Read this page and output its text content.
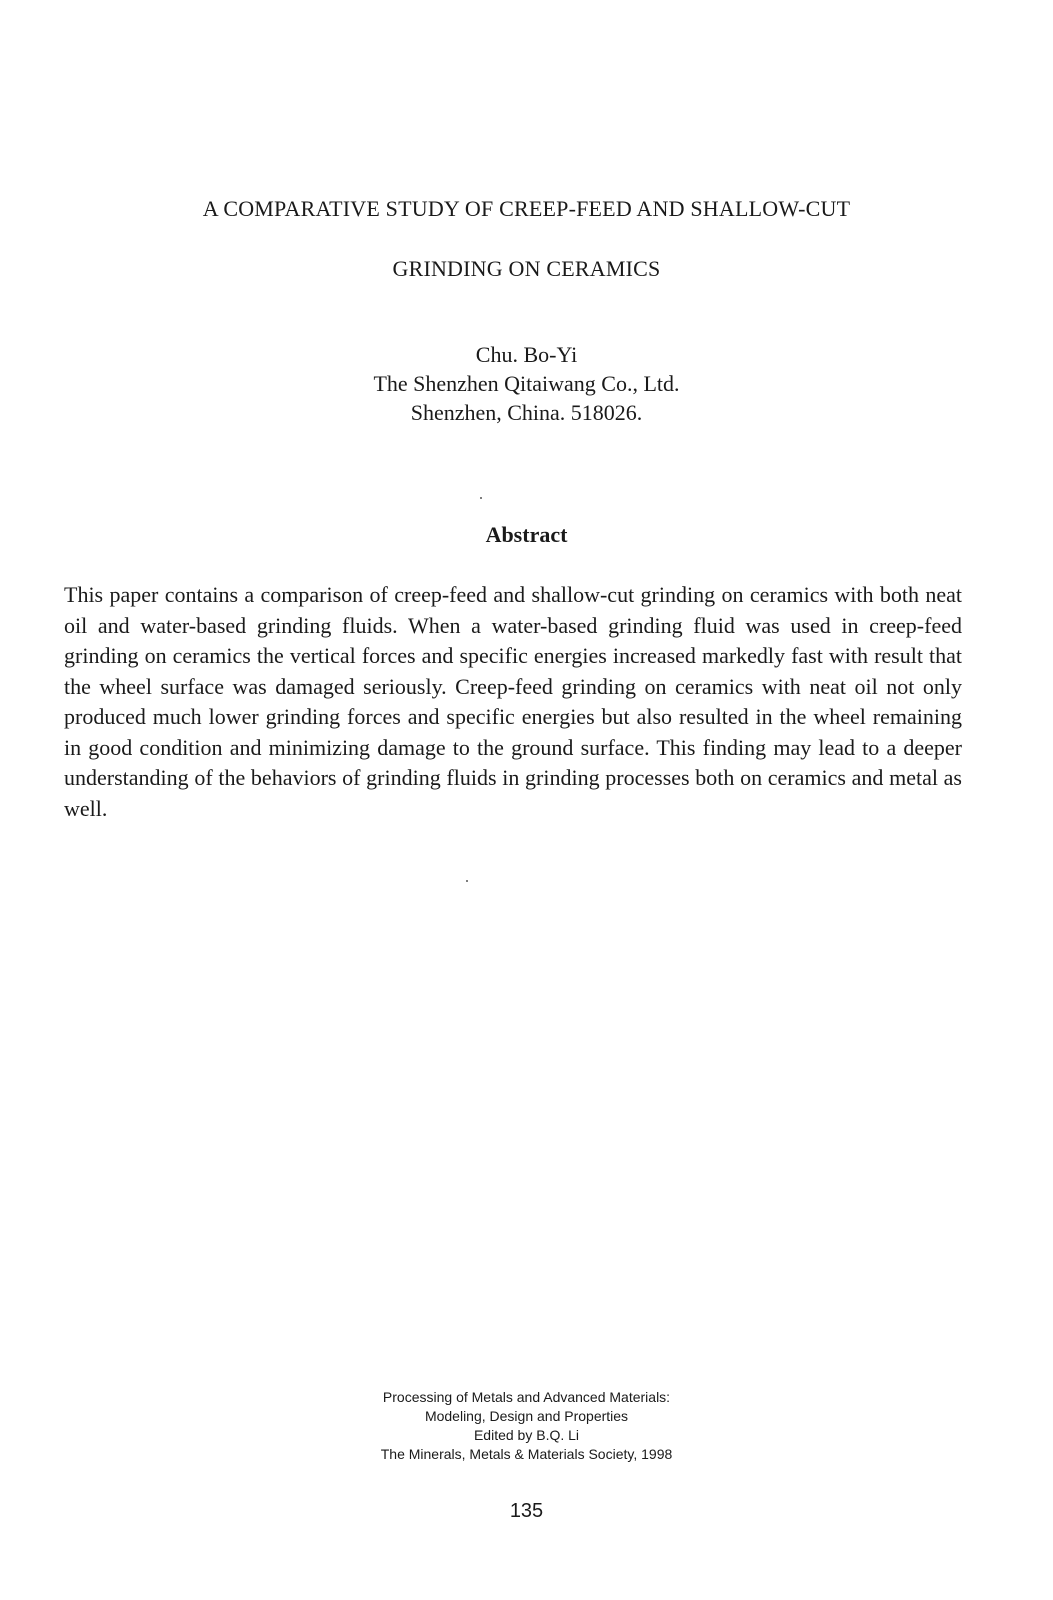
A COMPARATIVE STUDY OF CREEP-FEED AND SHALLOW-CUT
GRINDING ON CERAMICS
Chu. Bo-Yi
The Shenzhen Qitaiwang Co., Ltd.
Shenzhen, China. 518026.
Abstract

This paper contains a comparison of creep-feed and shallow-cut grinding on ceramics with both neat oil and water-based grinding fluids. When a water-based grinding fluid was used in creep-feed grinding on ceramics the vertical forces and specific energies increased markedly fast with result that the wheel surface was damaged seriously. Creep-feed grinding on ceramics with neat oil not only produced much lower grinding forces and specific energies but also resulted in the wheel remaining in good condition and minimizing damage to the ground surface. This finding may lead to a deeper understanding of the behaviors of grinding fluids in grinding processes both on ceramics and metal as well.

Processing of Metals and Advanced Materials:
Modeling, Design and Properties
Edited by B.Q. Li
The Minerals, Metals & Materials Society, 1998
135
